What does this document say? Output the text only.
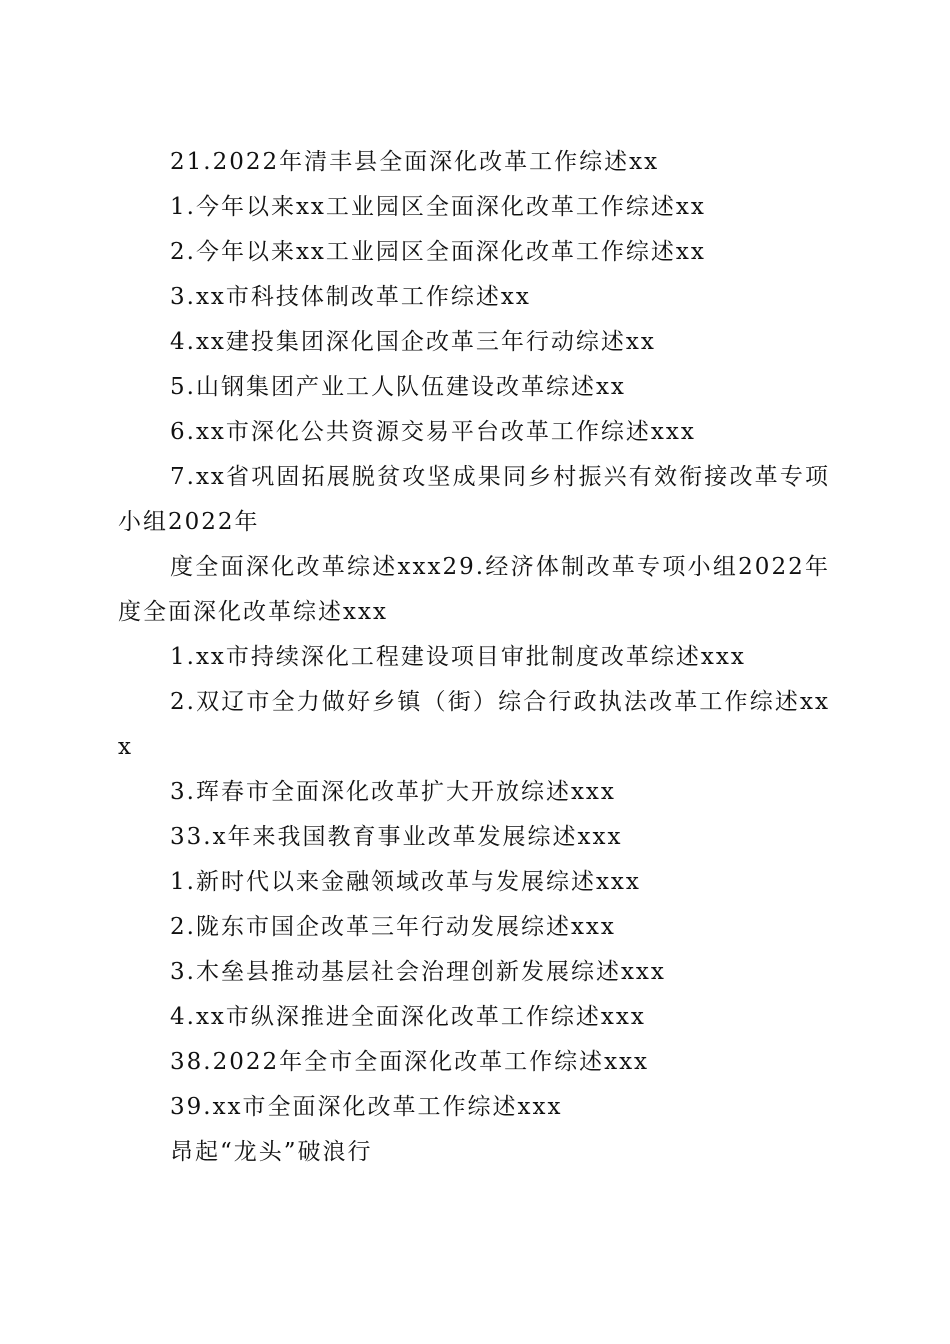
21.2022年清丰县全面深化改革工作综述xx

1.今年以来xx工业园区全面深化改革工作综述xx

2.今年以来xx工业园区全面深化改革工作综述xx

3.xx市科技体制改革工作综述xx

4.xx建投集团深化国企改革三年行动综述xx

5.山钢集团产业工人队伍建设改革综述xx

6.xx市深化公共资源交易平台改革工作综述xxx

7.xx省巩固拓展脱贫攻坚成果同乡村振兴有效衔接改革专项小组2022年

度全面深化改革综述xxx29.经济体制改革专项小组2022年度全面深化改革综述xxx

1.xx市持续深化工程建设项目审批制度改革综述xxx

2.双辽市全力做好乡镇（街）综合行政执法改革工作综述xxx

3.珲春市全面深化改革扩大开放综述xxx

33.x年来我国教育事业改革发展综述xxx

1.新时代以来金融领域改革与发展综述xxx

2.陇东市国企改革三年行动发展综述xxx

3.木垒县推动基层社会治理创新发展综述xxx

4.xx市纵深推进全面深化改革工作综述xxx

38.2022年全市全面深化改革工作综述xxx

39.xx市全面深化改革工作综述xxx

昂起“龙头”破浪行
